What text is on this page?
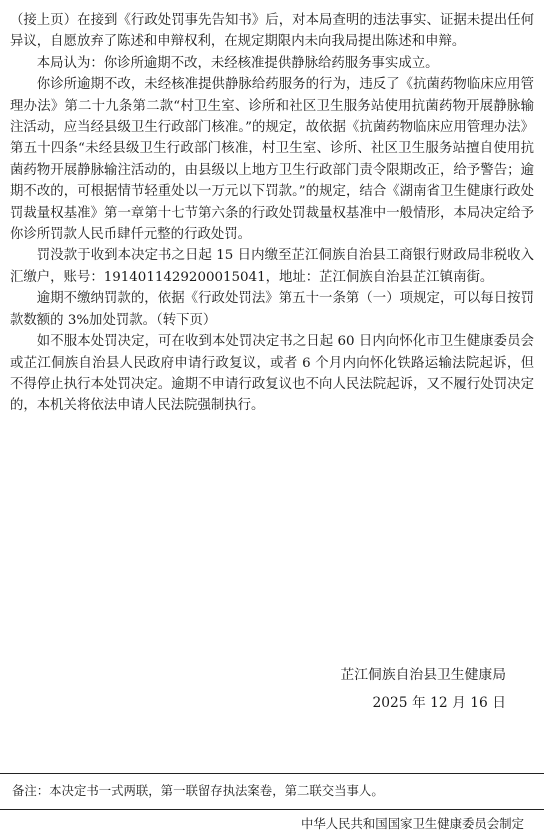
（接上页）在接到《行政处罚事先告知书》后，对本局查明的违法事实、证据未提出任何异议，自愿放弃了陈述和申辩权利，在规定期限内未向我局提出陈述和申辩。

本局认为：你诊所逾期不改，未经核准提供静脉给药服务事实成立。

你诊所逾期不改，未经核准提供静脉给药服务的行为，违反了《抗菌药物临床应用管理办法》第二十九条第二款“村卫生室、诊所和社区卫生服务站使用抗菌药物开展静脉输注活动，应当经县级卫生行政部门核准。”的规定，故依据《抗菌药物临床应用管理办法》第五十四条“未经县级卫生行政部门核准，村卫生室、诊所、社区卫生服务站擅自使用抗菌药物开展静脉输注活动的，由县级以上地方卫生行政部门责令限期改正，给予警告；逾期不改的，可根据情节轻重处以一万元以下罚款。”的规定，结合《湖南省卫生健康行政处罚裁量权基准》第一章第十七节第六条的行政处罚裁量权基准中一般情形，本局决定给予你诊所罚款人民币肆仟元整的行政处罚。

罚没款于收到本决定书之日起 15 日内缴至芷江侗族自治县工商银行财政局非税收入汇缴户，账号：1914011429200015041，地址：芷江侗族自治县芷江镇南街。

逾期不缴纳罚款的，依据《行政处罚法》第五十一条第（一）项规定，可以每日按罚款数额的 3%加处罚款。（转下页）

如不服本处罚决定，可在收到本处罚决定书之日起 60 日内向怀化市卫生健康委员会或芷江侗族自治县人民政府申请行政复议，或者 6 个月内向怀化铁路运输法院起诉，但不得停止执行本处罚决定。逾期不申请行政复议也不向人民法院起诉，又不履行处罚决定的，本机关将依法申请人民法院强制执行。

芷江侗族自治县卫生健康局
2025 年 12 月 16 日
备注：本决定书一式两联，第一联留存执法案卷，第二联交当事人。
中华人民共和国国家卫生健康委员会制定
